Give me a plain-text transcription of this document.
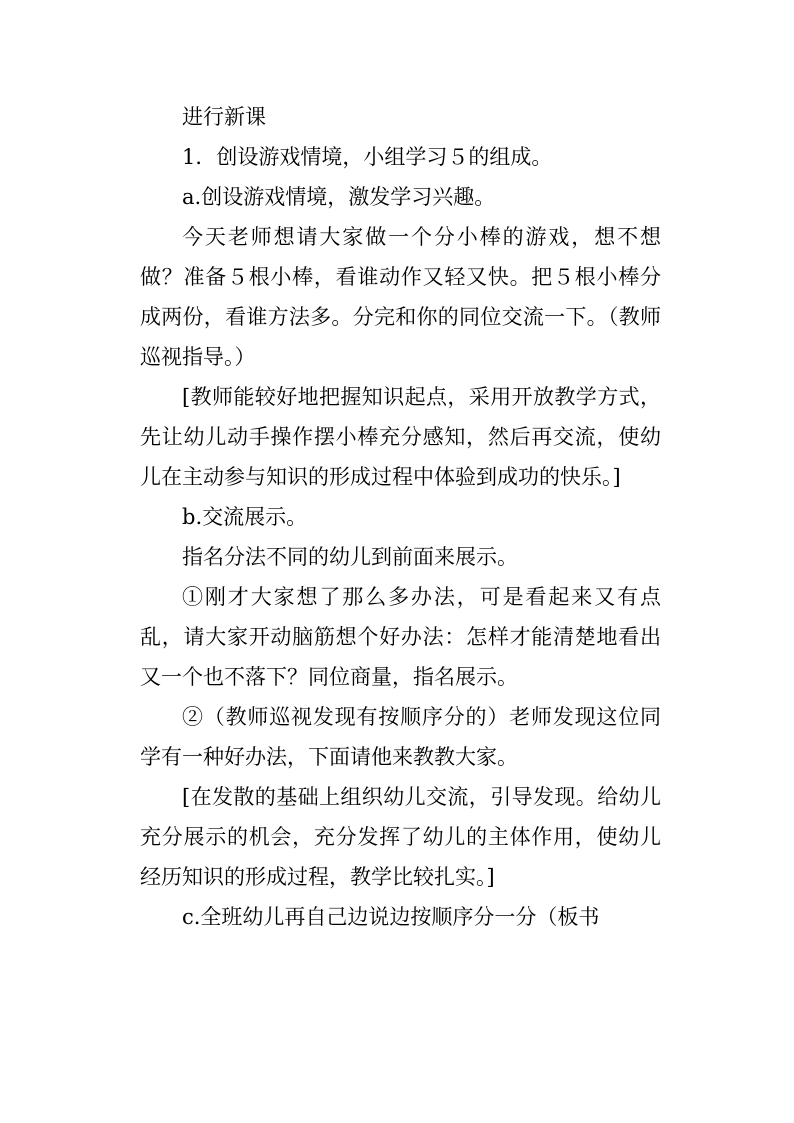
进行新课

1．创设游戏情境，小组学习５的组成。

a.创设游戏情境，激发学习兴趣。

今天老师想请大家做一个分小棒的游戏，想不想做？准备５根小棒，看谁动作又轻又快。把５根小棒分成两份，看谁方法多。分完和你的同位交流一下。（教师巡视指导。）

[教师能较好地把握知识起点，采用开放教学方式，先让幼儿动手操作摆小棒充分感知，然后再交流，使幼儿在主动参与知识的形成过程中体验到成功的快乐。]

b.交流展示。

指名分法不同的幼儿到前面来展示。

①刚才大家想了那么多办法，可是看起来又有点乱，请大家开动脑筋想个好办法：怎样才能清楚地看出又一个也不落下？同位商量，指名展示。

②（教师巡视发现有按顺序分的）老师发现这位同学有一种好办法，下面请他来教教大家。

[在发散的基础上组织幼儿交流，引导发现。给幼儿充分展示的机会，充分发挥了幼儿的主体作用，使幼儿经历知识的形成过程，教学比较扎实。]

c.全班幼儿再自己边说边按顺序分一分（板书
